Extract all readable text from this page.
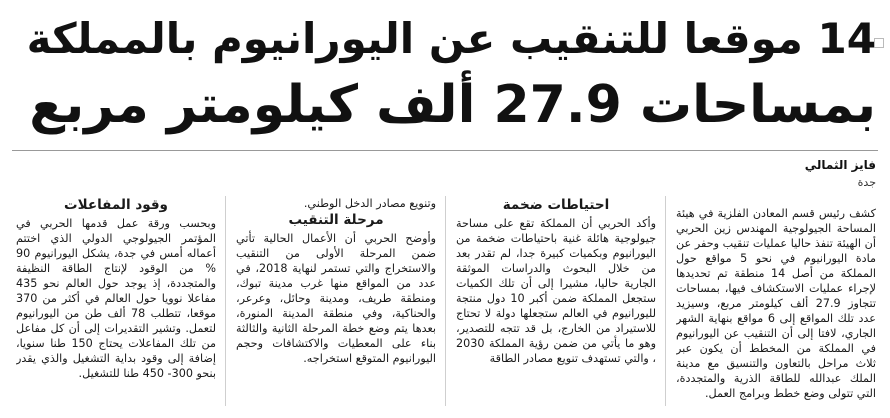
14 موقعا للتنقيب عن اليورانيوم بالمملكة
بمساحات 27.9 ألف كيلومتر مربع
فايز الثمالي
جدة

كشف رئيس قسم المعادن الفلزية في هيئة المساحة الجيولوجية المهندس زين الحربي أن الهيئة تنفذ حاليا عمليات تنقيب وحفر عن مادة اليورانيوم في نحو 5 مواقع حول المملكة من أصل 14 منطقة تم تحديدها لإجراء عمليات الاستكشاف فيها، بمساحات تتجاوز 27.9 ألف كيلومتر مربع، وسيزيد عدد تلك المواقع إلى 6 مواقع بنهاية الشهر الجاري، لافتا إلى أن التنقيب عن اليورانيوم في المملكة من المخطط أن يكون عبر ثلاث مراحل بالتعاون والتنسيق مع مدينة الملك عبدالله للطاقة الذرية والمتجددة، التي تتولى وضع خطط وبرامج العمل.

احتياطات ضخمة

وأكد الحربي أن المملكة تقع على مساحة جيولوجية هائلة غنية باحتياطات ضخمة من اليورانيوم وبكميات كبيرة جدا، لم تقدر بعد من خلال البحوث والدراسات الموثقة الجارية حاليا، مشيرا إلى أن تلك الكميات ستجعل المملكة ضمن أكبر 10 دول منتجة لليورانيوم في العالم ستجعلها دولة لا تحتاج للاستيراد من الخارج، بل قد تتجه للتصدير، وهو ما يأتي من ضمن رؤية المملكة 2030 ، والتي تستهدف تنويع مصادر الطاقة

وتنويع مصادر الدخل الوطني.

مرحلة التنقيب

وأوضح الحربي أن الأعمال الحالية تأتي ضمن المرحلة الأولى من التنقيب والاستخراج والتي تستمر لنهاية 2018، في عدد من المواقع منها غرب مدينة تبوك، ومنطقة طريف، ومدينة وحائل، وعرعر، والحناكية، وفي منطقة المدينة المنورة، بعدها يتم وضع خطة المرحلة الثانية والثالثة بناء على المعطيات والاكتشافات وحجم اليورانيوم المتوقع استخراجه.

وقود المفاعلات

وبحسب ورقة عمل قدمها الحربي في المؤتمر الجيولوجي الدولي الذي اختتم أعماله أمس في جدة، يشكل اليورانيوم 90 % من الوقود لإنتاج الطاقة النظيفة والمتجددة، إذ يوجد حول العالم نحو 435 مفاعلا نوويا حول العالم في أكثر من 370 موقعا، تتطلب 78 ألف طن من اليورانيوم لتعمل. وتشير التقديرات إلى أن كل مفاعل من تلك المفاعلات يحتاج 150 طنا سنويا، إضافة إلى وقود بداية التشغيل والذي يقدر بنحو 300- 450 طنا للتشغيل.
